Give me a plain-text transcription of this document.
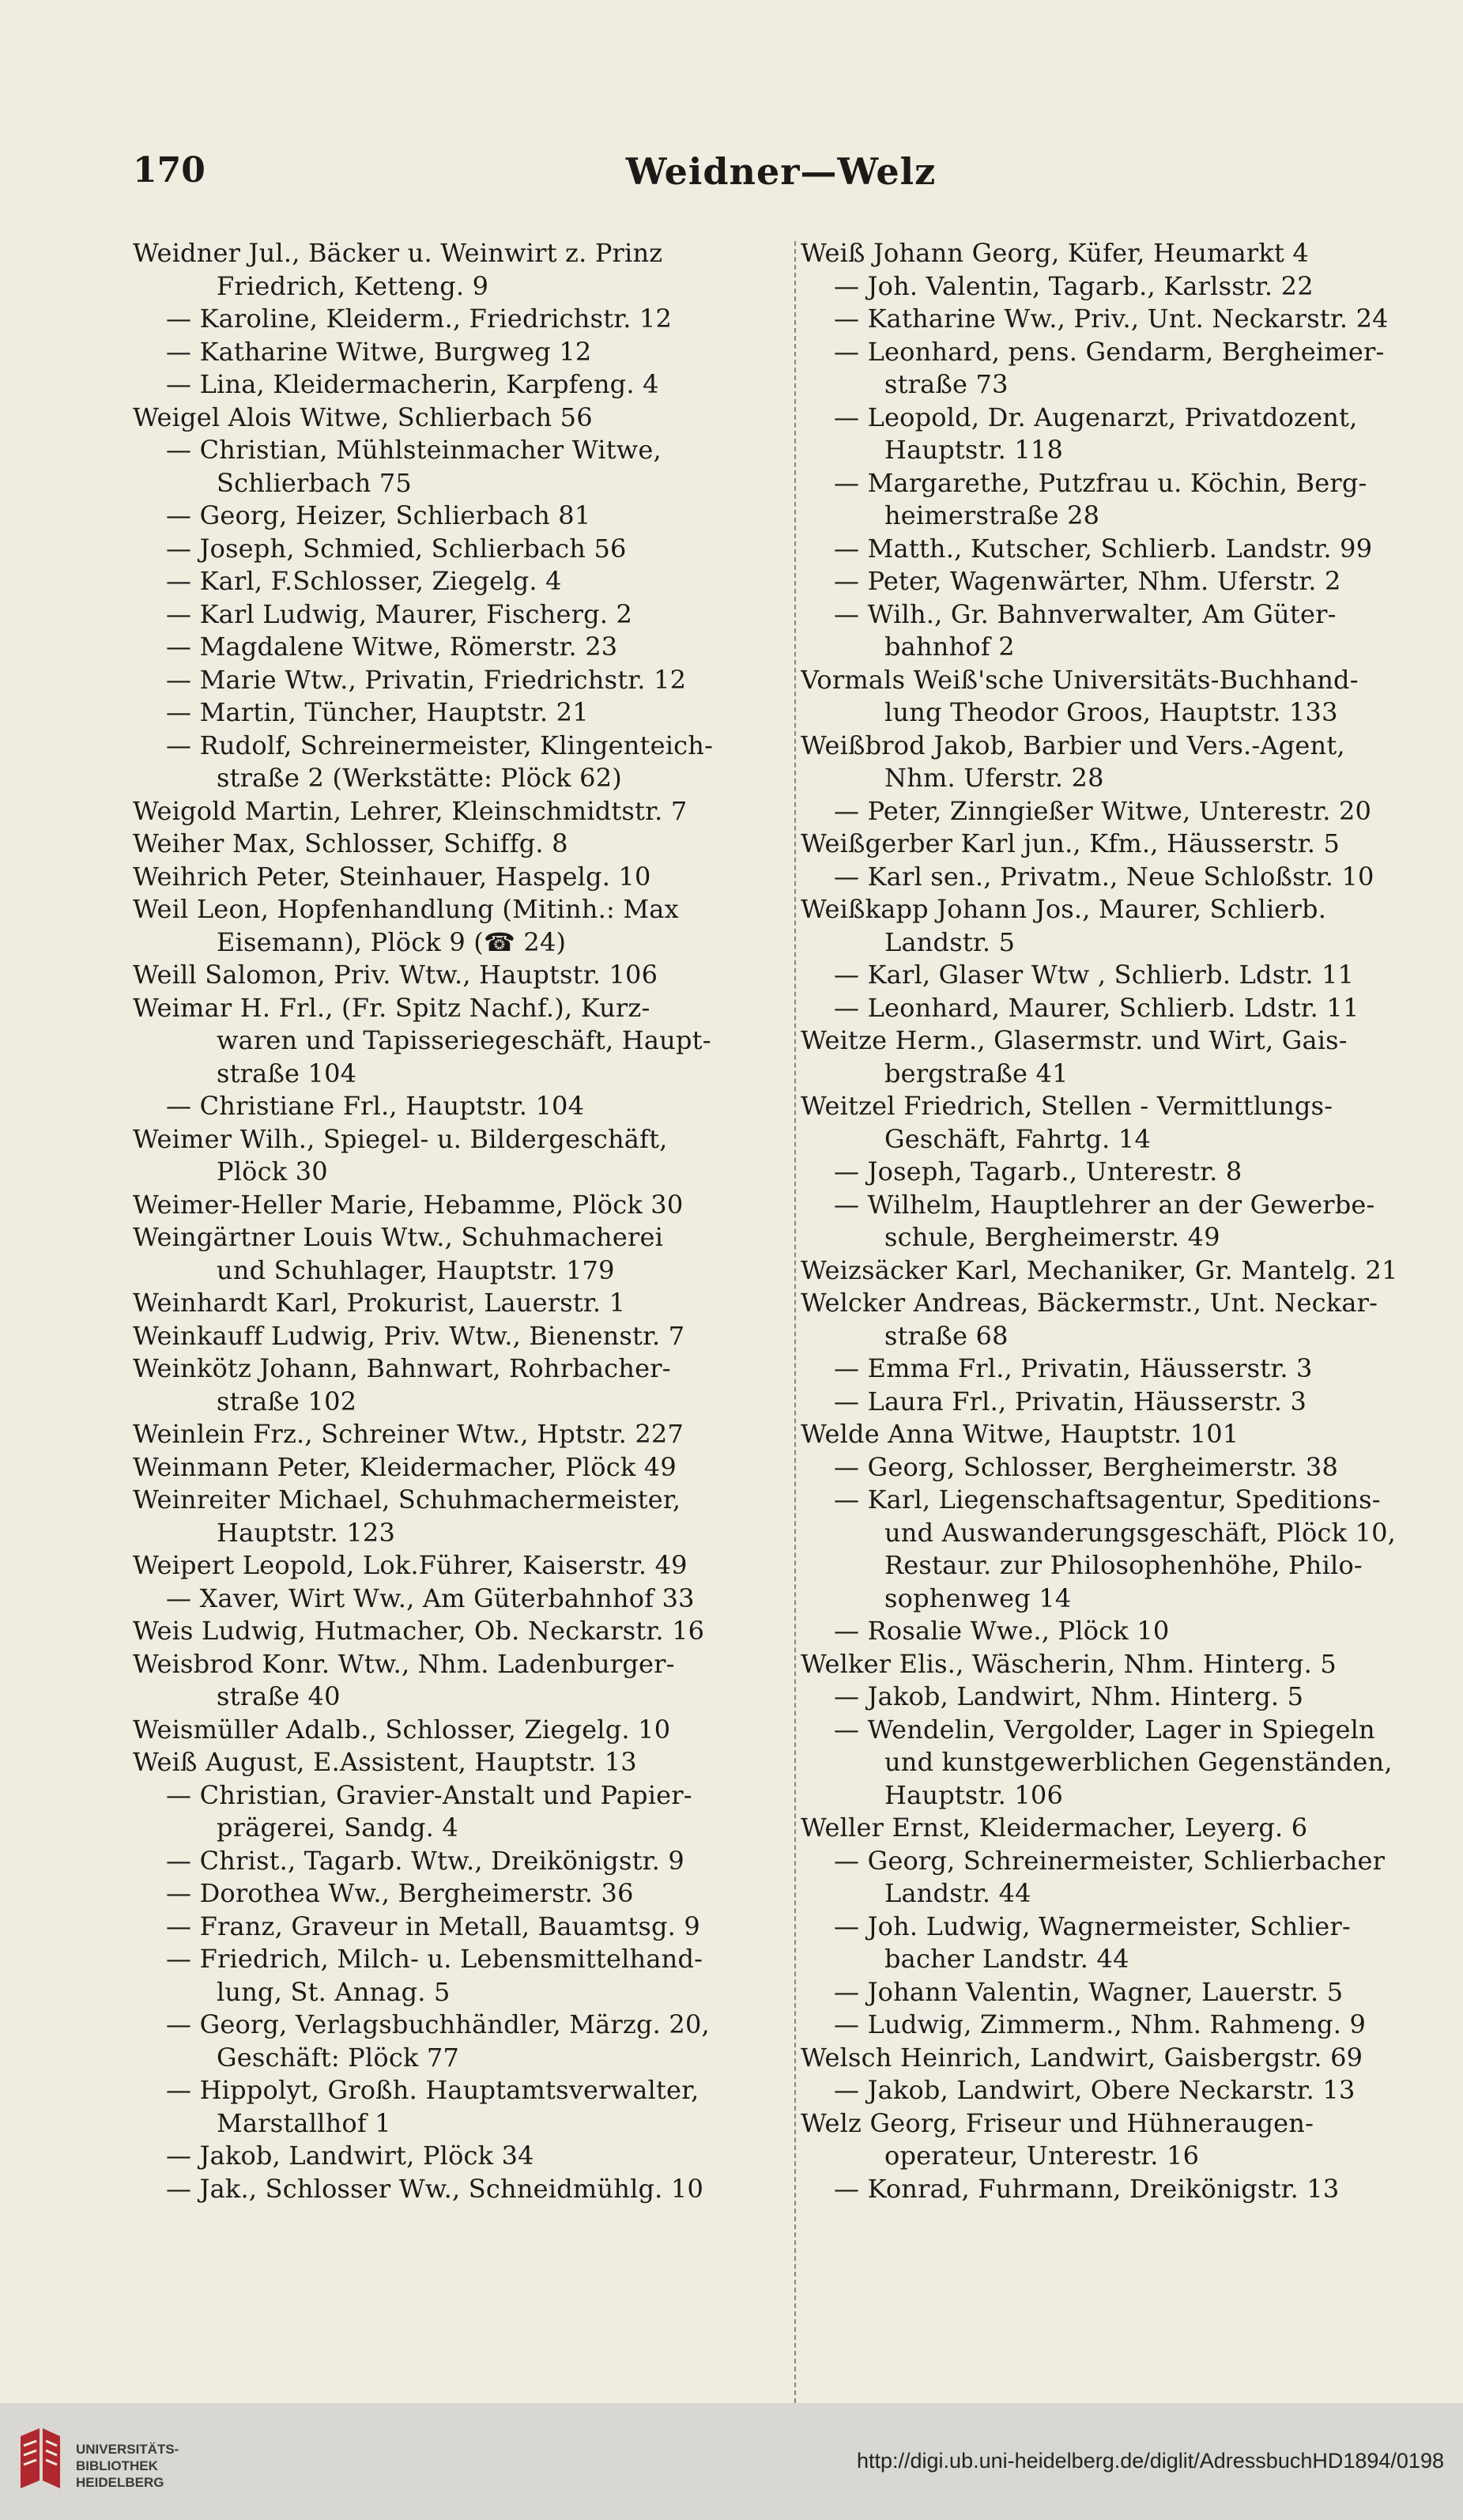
170	Weidner—Welz
Weidner Jul., Bäcker u. Weinwirt z. Prinz
Friedrich, Ketteng. 9
— Karoline, Kleiderm., Friedrichstr. 12
— Katharine Witwe, Burgweg 12
— Lina, Kleidermacherin, Karpfeng. 4
Weigel Alois Witwe, Schlierbach 56
— Christian, Mühlsteinmacher Witwe,
Schlierbach 75
— Georg, Heizer, Schlierbach 81
— Joseph, Schmied, Schlierbach 56
— Karl, F.Schlosser, Ziegelg. 4
— Karl Ludwig, Maurer, Fischerg. 2
— Magdalene Witwe, Römerstr. 23
— Marie Wtw., Privatin, Friedrichstr. 12
— Martin, Tüncher, Hauptstr. 21
— Rudolf, Schreinermeister, Klingenteich-
straße 2 (Werkstätte: Plöck 62)
Weigold Martin, Lehrer, Kleinschmidtstr. 7
Weiher Max, Schlosser, Schiffg. 8
Weihrich Peter, Steinhauer, Haspelg. 10
Weil Leon, Hopfenhandlung (Mitinh.: Max
Eisemann), Plöck 9 (☎ 24)
Weill Salomon, Priv. Wtw., Hauptstr. 106
Weimar H. Frl., (Fr. Spitz Nachf.), Kurz-
waren und Tapisseriegeschäft, Haupt-
straße 104
— Christiane Frl., Hauptstr. 104
Weimer Wilh., Spiegel- u. Bildergeschäft,
Plöck 30
Weimer-Heller Marie, Hebamme, Plöck 30
Weingärtner Louis Wtw., Schuhmacherei
und Schuhlager, Hauptstr. 179
Weinhardt Karl, Prokurist, Lauerstr. 1
Weinkauff Ludwig, Priv. Wtw., Bienenstr. 7
Weinkötz Johann, Bahnwart, Rohrbacher-
straße 102
Weinlein Frz., Schreiner Wtw., Hptstr. 227
Weinmann Peter, Kleidermacher, Plöck 49
Weinreiter Michael, Schuhmachermeister,
Hauptstr. 123
Weipert Leopold, Lok.Führer, Kaiserstr. 49
— Xaver, Wirt Ww., Am Güterbahnhof 33
Weis Ludwig, Hutmacher, Ob. Neckarstr. 16
Weisbrod Konr. Wtw., Nhm. Ladenburger-
straße 40
Weismüller Adalb., Schlosser, Ziegelg. 10
Weiß August, E.Assistent, Hauptstr. 13
— Christian, Gravier-Anstalt und Papier-
prägerei, Sandg. 4
— Christ., Tagarb. Wtw., Dreikönigstr. 9
— Dorothea Ww., Bergheimerstr. 36
— Franz, Graveur in Metall, Bauamtsg. 9
— Friedrich, Milch- u. Lebensmittelhand-
lung, St. Annag. 5
— Georg, Verlagsbuchhändler, Märzg. 20,
Geschäft: Plöck 77
— Hippolyt, Großh. Hauptamtsverwalter,
Marstallhof 1
— Jakob, Landwirt, Plöck 34
— Jak., Schlosser Ww., Schneidmühlg. 10
Weiß Johann Georg, Küfer, Heumarkt 4
— Joh. Valentin, Tagarb., Karlsstr. 22
— Katharine Ww., Priv., Unt. Neckarstr. 24
— Leonhard, pens. Gendarm, Bergheimer-
straße 73
— Leopold, Dr. Augenarzt, Privatdozent,
Hauptstr. 118
— Margarethe, Putzfrau u. Köchin, Berg-
heimerstraße 28
— Matth., Kutscher, Schlierb. Landstr. 99
— Peter, Wagenwärter, Nhm. Uferstr. 2
— Wilh., Gr. Bahnverwalter, Am Güter-
bahnhof 2
Vormals Weiß'sche Universitäts-Buchhand-
lung Theodor Groos, Hauptstr. 133
Weißbrod Jakob, Barbier und Vers.-Agent,
Nhm. Uferstr. 28
— Peter, Zinngießer Witwe, Unterestr. 20
Weißgerber Karl jun., Kfm., Häusserstr. 5
— Karl sen., Privatm., Neue Schloßstr. 10
Weißkapp Johann Jos., Maurer, Schlierb.
Landstr. 5
— Karl, Glaser Wtw , Schlierb. Ldstr. 11
— Leonhard, Maurer, Schlierb. Ldstr. 11
Weitze Herm., Glasermstr. und Wirt, Gais-
bergstraße 41
Weitzel Friedrich, Stellen - Vermittlungs-
Geschäft, Fahrtg. 14
— Joseph, Tagarb., Unterestr. 8
— Wilhelm, Hauptlehrer an der Gewerbe-
schule, Bergheimerstr. 49
Weizsäcker Karl, Mechaniker, Gr. Mantelg. 21
Welcker Andreas, Bäckermstr., Unt. Neckar-
straße 68
— Emma Frl., Privatin, Häusserstr. 3
— Laura Frl., Privatin, Häusserstr. 3
Welde Anna Witwe, Hauptstr. 101
— Georg, Schlosser, Bergheimerstr. 38
— Karl, Liegenschaftsagentur, Speditions-
und Auswanderungsgeschäft, Plöck 10,
Restaur. zur Philosophenhöhe, Philo-
sophenweg 14
— Rosalie Wwe., Plöck 10
Welker Elis., Wäscherin, Nhm. Hinterg. 5
— Jakob, Landwirt, Nhm. Hinterg. 5
— Wendelin, Vergolder, Lager in Spiegeln
und kunstgewerblichen Gegenständen,
Hauptstr. 106
Weller Ernst, Kleidermacher, Leyerg. 6
— Georg, Schreinermeister, Schlierbacher
Landstr. 44
— Joh. Ludwig, Wagnermeister, Schlier-
bacher Landstr. 44
— Johann Valentin, Wagner, Lauerstr. 5
— Ludwig, Zimmerm., Nhm. Rahmeng. 9
Welsch Heinrich, Landwirt, Gaisbergstr. 69
— Jakob, Landwirt, Obere Neckarstr. 13
Welz Georg, Friseur und Hühneraugen-
operateur, Unterestr. 16
— Konrad, Fuhrmann, Dreikönigstr. 13
UNIVERSITÄTS-
BIBLIOTHEK
HEIDELBERG
http://digi.ub.uni-heidelberg.de/diglit/AdressbuchHD1894/0198
